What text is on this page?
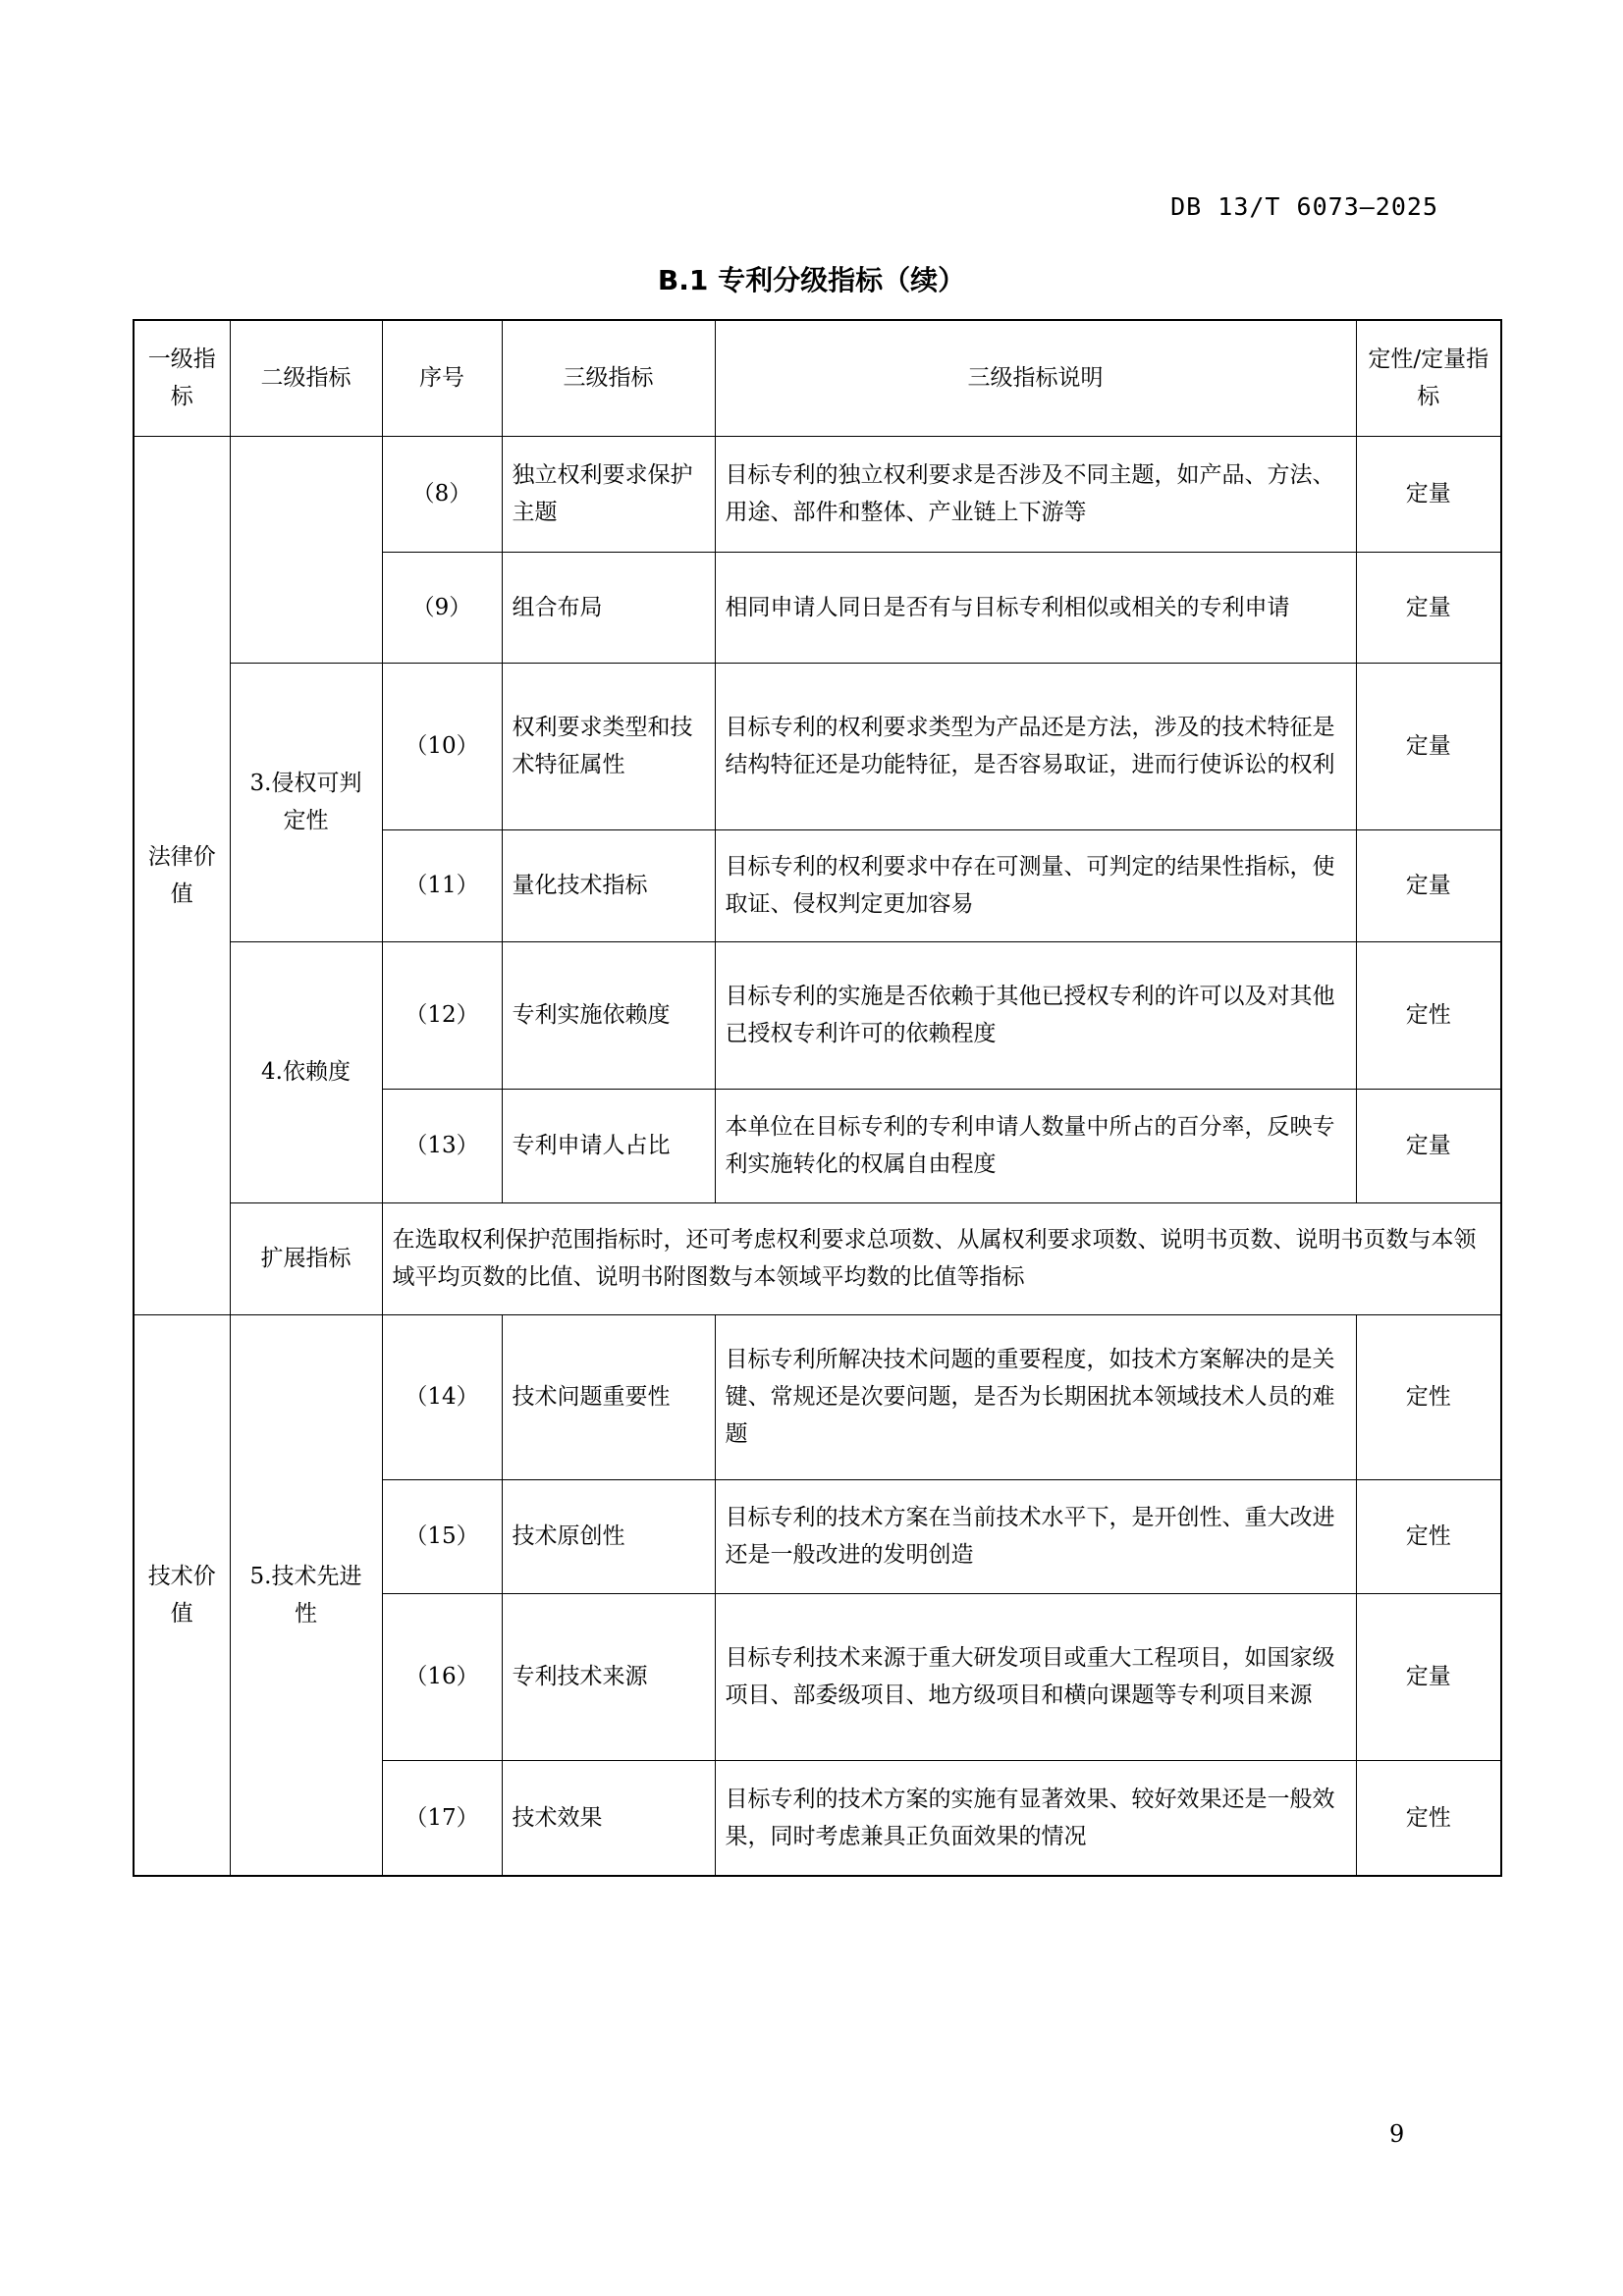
DB 13/T 6073—2025
B.1 专利分级指标（续）
一级指标	二级指标	序号	三级指标	三级指标说明	定性/定量指标
法律价值		（8）	独立权利要求保护主题	目标专利的独立权利要求是否涉及不同主题，如产品、方法、用途、部件和整体、产业链上下游等	定量
		（9）	组合布局	相同申请人同日是否有与目标专利相似或相关的专利申请	定量
	3.侵权可判定性	（10）	权利要求类型和技术特征属性	目标专利的权利要求类型为产品还是方法，涉及的技术特征是结构特征还是功能特征，是否容易取证，进而行使诉讼的权利	定量
		（11）	量化技术指标	目标专利的权利要求中存在可测量、可判定的结果性指标，使取证、侵权判定更加容易	定量
	4.依赖度	（12）	专利实施依赖度	目标专利的实施是否依赖于其他已授权专利的许可以及对其他已授权专利许可的依赖程度	定性
		（13）	专利申请人占比	本单位在目标专利的专利申请人数量中所占的百分率，反映专利实施转化的权属自由程度	定量
	扩展指标	在选取权利保护范围指标时，还可考虑权利要求总项数、从属权利要求项数、说明书页数、说明书页数与本领域平均页数的比值、说明书附图数与本领域平均数的比值等指标			
技术价值	5.技术先进性	（14）	技术问题重要性	目标专利所解决技术问题的重要程度，如技术方案解决的是关键、常规还是次要问题，是否为长期困扰本领域技术人员的难题	定性
		（15）	技术原创性	目标专利的技术方案在当前技术水平下，是开创性、重大改进还是一般改进的发明创造	定性
		（16）	专利技术来源	目标专利技术来源于重大研发项目或重大工程项目，如国家级项目、部委级项目、地方级项目和横向课题等专利项目来源	定量
		（17）	技术效果	目标专利的技术方案的实施有显著效果、较好效果还是一般效果，同时考虑兼具正负面效果的情况	定性
9
